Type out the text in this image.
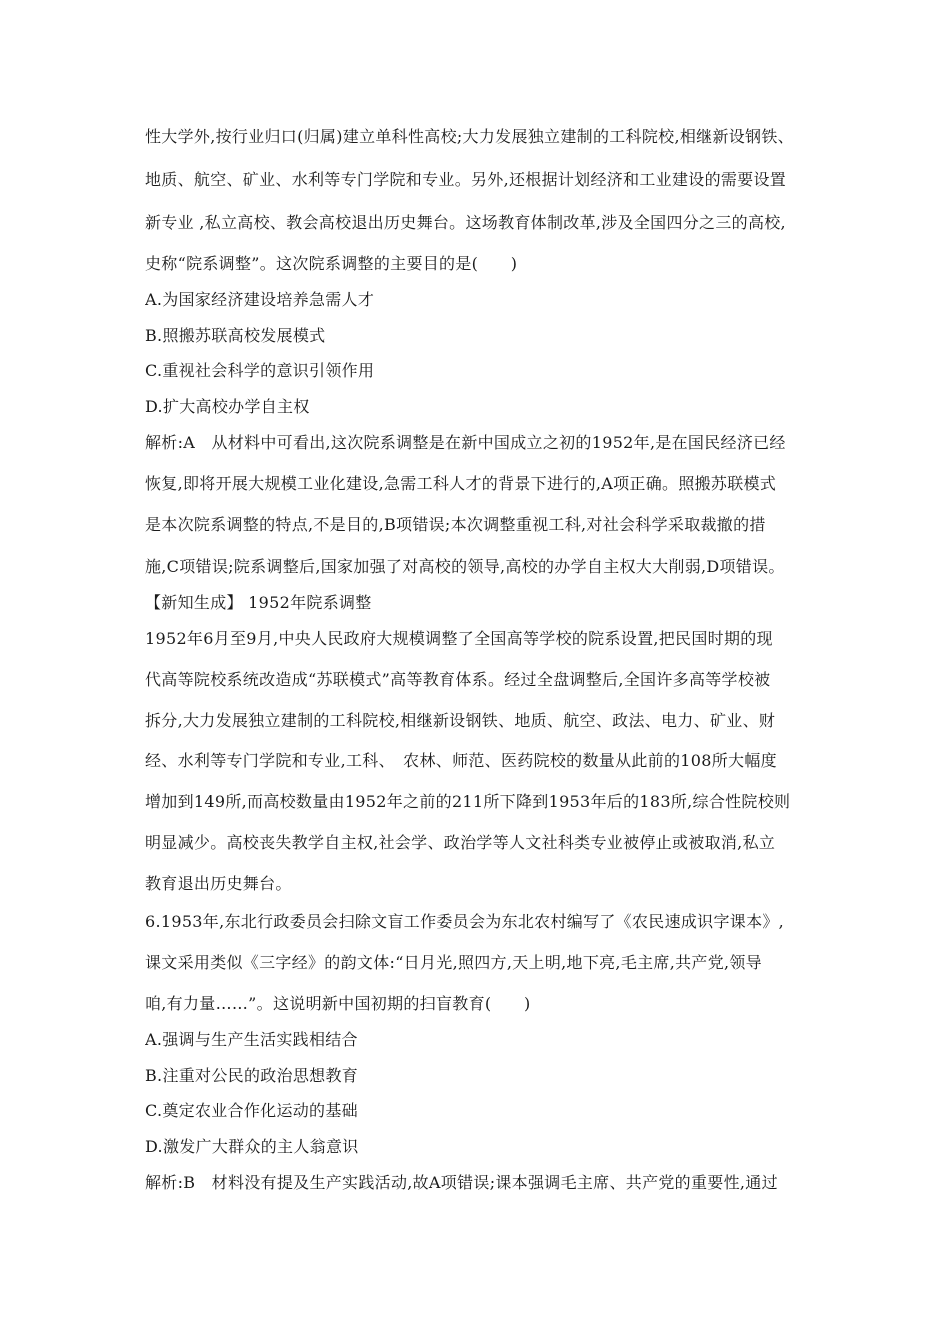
性大学外,按行业归口(归属)建立单科性高校;大力发展独立建制的工科院校,相继新设钢铁、
地质、航空、矿业、水利等专门学院和专业。另外,还根据计划经济和工业建设的需要设置
新专业 ,私立高校、教会高校退出历史舞台。这场教育体制改革,涉及全国四分之三的高校,
史称“院系调整”。这次院系调整的主要目的是(　　)
A.为国家经济建设培养急需人才
B.照搬苏联高校发展模式
C.重视社会科学的意识引领作用
D.扩大高校办学自主权
解析:A　从材料中可看出,这次院系调整是在新中国成立之初的1952年,是在国民经济已经
恢复,即将开展大规模工业化建设,急需工科人才的背景下进行的,A项正确。照搬苏联模式
是本次院系调整的特点,不是目的,B项错误;本次调整重视工科,对社会科学采取裁撤的措
施,C项错误;院系调整后,国家加强了对高校的领导,高校的办学自主权大大削弱,D项错误。
【新知生成】 1952年院系调整
1952年6月至9月,中央人民政府大规模调整了全国高等学校的院系设置,把民国时期的现
代高等院校系统改造成“苏联模式”高等教育体系。经过全盘调整后,全国许多高等学校被
拆分,大力发展独立建制的工科院校,相继新设钢铁、地质、航空、政法、电力、矿业、财
经、水利等专门学院和专业,工科、　农林、师范、医药院校的数量从此前的108所大幅度
增加到149所,而高校数量由1952年之前的211所下降到1953年后的183所,综合性院校则
明显减少。高校丧失教学自主权,社会学、政治学等人文社科类专业被停止或被取消,私立
教育退出历史舞台。
6.1953年,东北行政委员会扫除文盲工作委员会为东北农村编写了《农民速成识字课本》,
课文采用类似《三字经》的韵文体:“日月光,照四方,天上明,地下亮,毛主席,共产党,领导
咱,有力量……”。这说明新中国初期的扫盲教育(　　)
A.强调与生产生活实践相结合
B.注重对公民的政治思想教育
C.奠定农业合作化运动的基础
D.激发广大群众的主人翁意识
解析:B　材料没有提及生产实践活动,故A项错误;课本强调毛主席、共产党的重要性,通过
